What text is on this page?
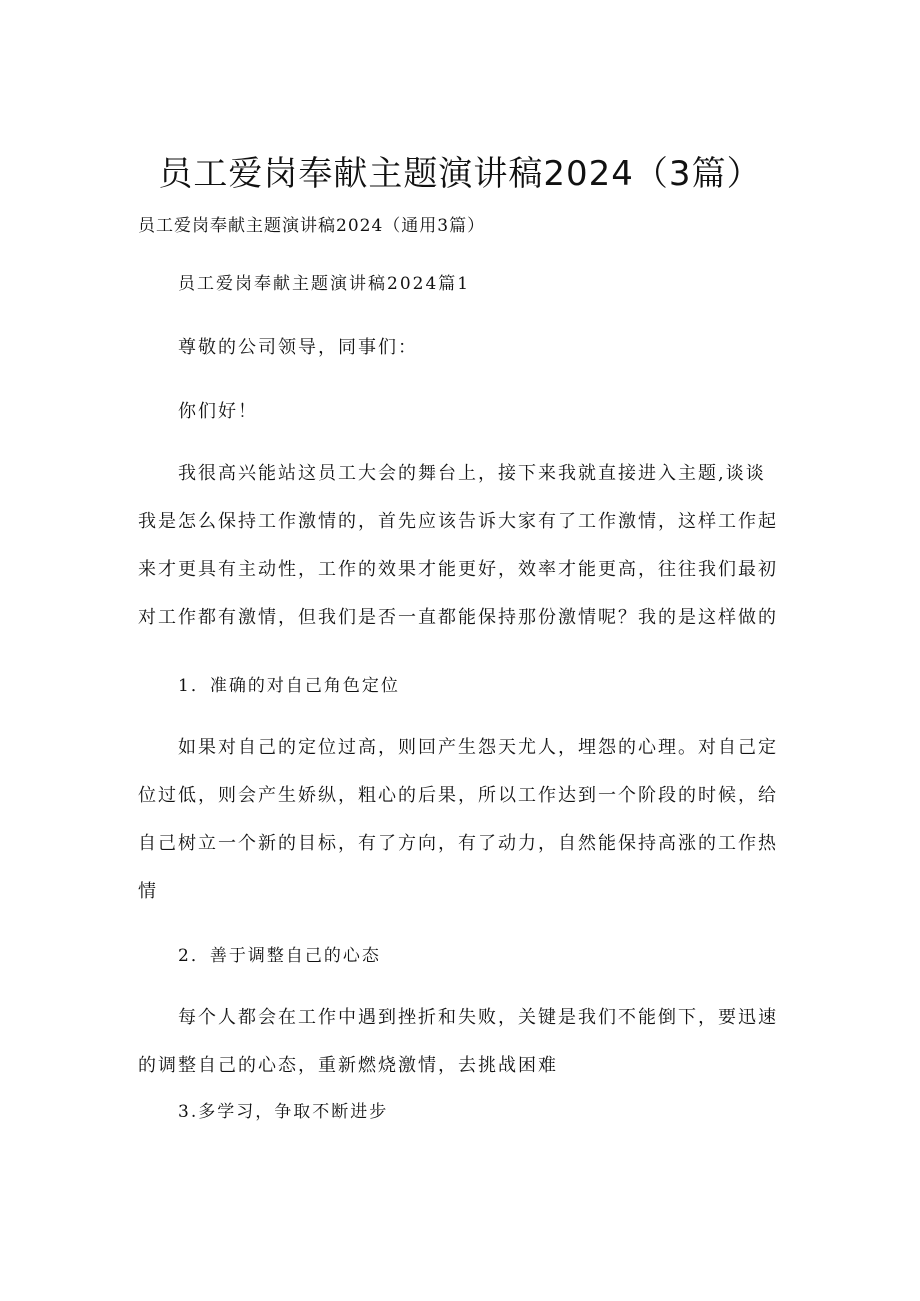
员工爱岗奉献主题演讲稿2024（3篇）
员工爱岗奉献主题演讲稿2024（通用3篇）
员工爱岗奉献主题演讲稿2024篇1
尊敬的公司领导，同事们：
你们好！
我很高兴能站这员工大会的舞台上，接下来我就直接进入主题,谈谈
我是怎么保持工作激情的，首先应该告诉大家有了工作激情，这样工作起
来才更具有主动性，工作的效果才能更好，效率才能更高，往往我们最初
对工作都有激情，但我们是否一直都能保持那份激情呢？我的是这样做的
1．准确的对自己角色定位
如果对自己的定位过高，则回产生怨天尤人，埋怨的心理。对自己定
位过低，则会产生娇纵，粗心的后果，所以工作达到一个阶段的时候，给
自己树立一个新的目标，有了方向，有了动力，自然能保持高涨的工作热
情
2．善于调整自己的心态
每个人都会在工作中遇到挫折和失败，关键是我们不能倒下，要迅速
的调整自己的心态，重新燃烧激情，去挑战困难
3.多学习，争取不断进步
